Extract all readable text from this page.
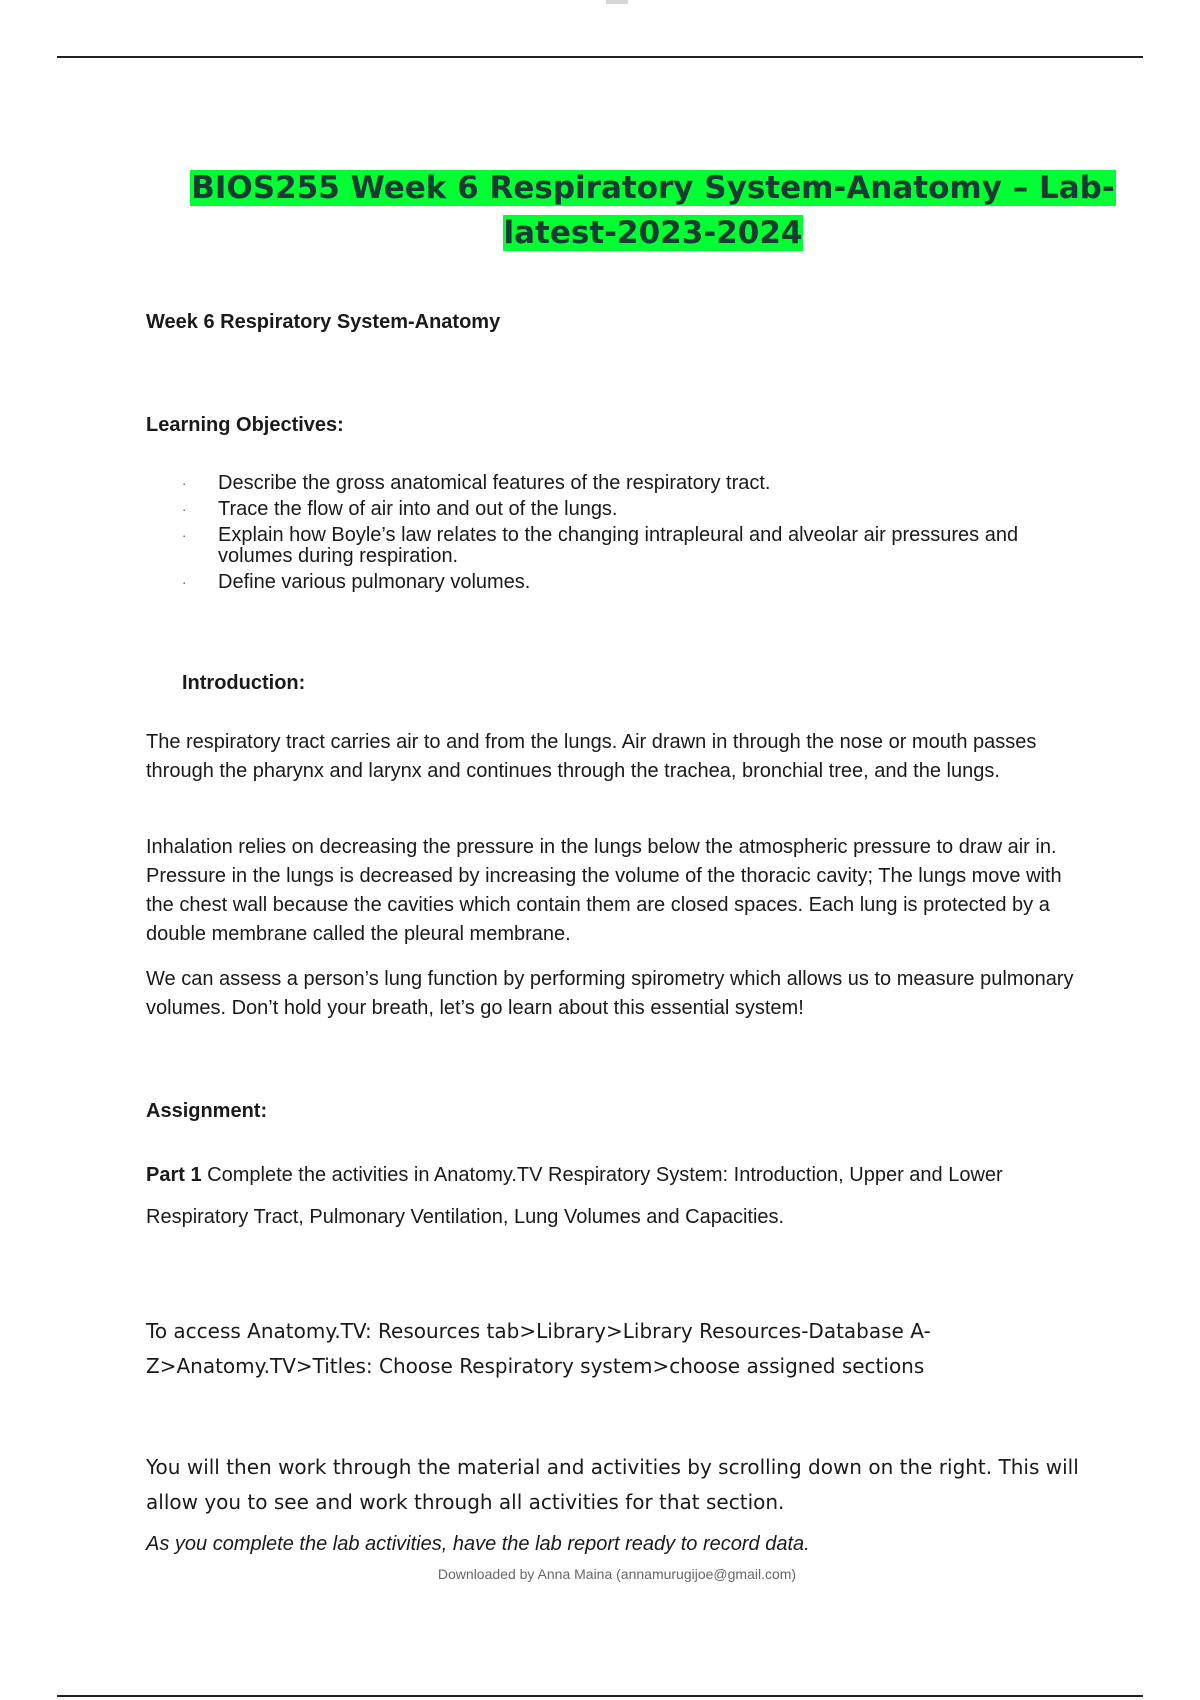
BIOS255 Week 6 Respiratory System-Anatomy – Lab-latest-2023-2024
Week 6 Respiratory System-Anatomy
Learning Objectives:
· Describe the gross anatomical features of the respiratory tract.
· Trace the flow of air into and out of the lungs.
· Explain how Boyle’s law relates to the changing intrapleural and alveolar air pressures and volumes during respiration.
· Define various pulmonary volumes.
Introduction:

The respiratory tract carries air to and from the lungs. Air drawn in through the nose or mouth passes through the pharynx and larynx and continues through the trachea, bronchial tree, and the lungs.

Inhalation relies on decreasing the pressure in the lungs below the atmospheric pressure to draw air in. Pressure in the lungs is decreased by increasing the volume of the thoracic cavity; The lungs move with the chest wall because the cavities which contain them are closed spaces. Each lung is protected by a double membrane called the pleural membrane.

We can assess a person’s lung function by performing spirometry which allows us to measure pulmonary volumes. Don’t hold your breath, let’s go learn about this essential system!

Assignment:

Part 1 Complete the activities in Anatomy.TV Respiratory System: Introduction, Upper and Lower Respiratory Tract, Pulmonary Ventilation, Lung Volumes and Capacities.

To access Anatomy.TV: Resources tab>Library>Library Resources-Database A-Z>Anatomy.TV>Titles: Choose Respiratory system>choose assigned sections

You will then work through the material and activities by scrolling down on the right. This will allow you to see and work through all activities for that section.

As you complete the lab activities, have the lab report ready to record data.

Downloaded by Anna Maina (annamurugijoe@gmail.com)
